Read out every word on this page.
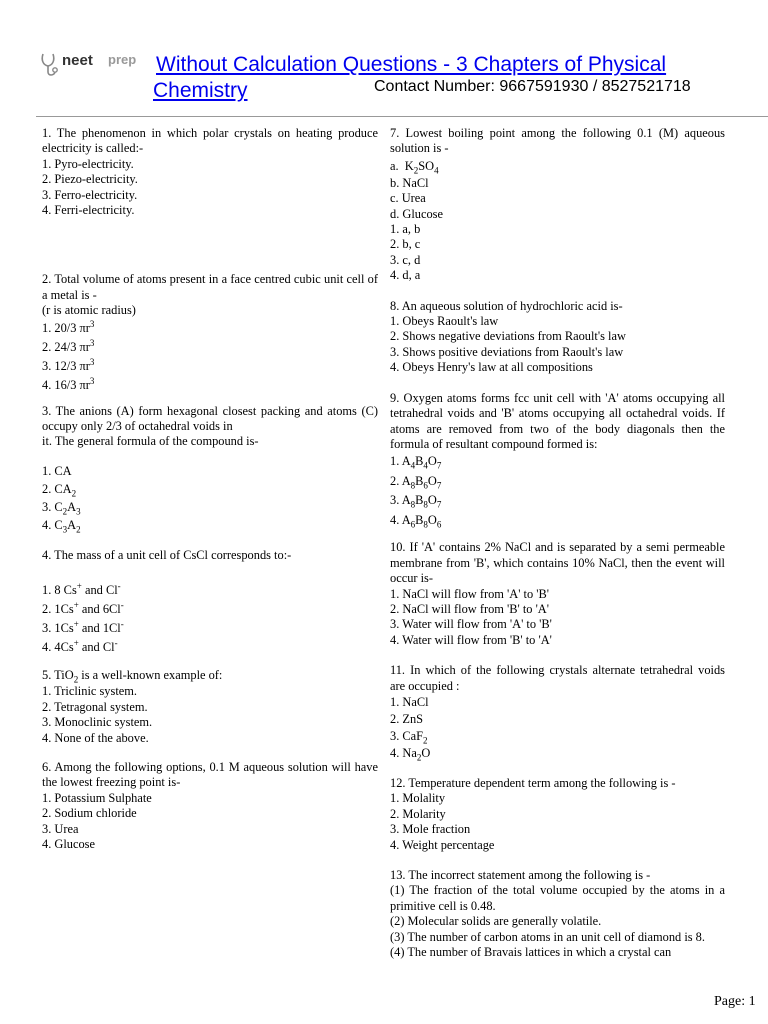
neet prep Without Calculation Questions - 3 Chapters of Physical
Chemistry	Contact Number: 9667591930 / 8527521718
1. The phenomenon in which polar crystals on heating produce electricity is called:-
1. Pyro-electricity.
2. Piezo-electricity.
3. Ferro-electricity.
4. Ferri-electricity.
2. Total volume of atoms present in a face centred cubic unit cell of a metal is -
(r is atomic radius)
1. 20/3 $\pi r^3$
2. 24/3 $\pi r^3$
3. 12/3 $\pi r^3$
4. 16/3 $\pi r^3$
3. The anions (A) form hexagonal closest packing and atoms (C) occupy only 2/3 of octahedral voids in
it. The general formula of the compound is-
1. CA
2. $CA_2$
3. $C_2A_3$
4. $C_3A_2$
4. The mass of a unit cell of CsCl corresponds to:-
1. 8 Cs+ and Cl-
2. 1Cs+ and 6Cl-
3. 1Cs+ and 1Cl-
4. 4Cs+ and Cl-
5. TiO$_2$ is a well-known example of:
1. Triclinic system.
2. Tetragonal system.
3. Monoclinic system.
4. None of the above.
6. Among the following options, 0.1 M aqueous solution will have the lowest freezing point is-
1. Potassium Sulphate
2. Sodium chloride
3. Urea
4. Glucose
7. Lowest boiling point among the following 0.1 (M) aqueous solution is -
a.  $K_2SO_4$
b. NaCl
c. Urea
d. Glucose
1. a, b
2. b, c
3. c, d
4. d, a
8. An aqueous solution of hydrochloric acid is-
1. Obeys Raoult's law
2. Shows negative deviations from Raoult's law
3. Shows positive deviations from Raoult's law
4. Obeys Henry's law at all compositions
9. Oxygen atoms forms fcc unit cell with 'A' atoms occupying all tetrahedral voids and 'B' atoms occupying all octahedral voids. If atoms are removed from two of the body diagonals then the formula of resultant compound formed is:
1. $A_4B_4O_7$
2. $A_8B_6O_7$
3. $A_8B_8O_7$
4. $A_6B_8O_6$
10. If 'A' contains 2% NaCl and is separated by a semi permeable membrane from 'B', which contains 10% NaCl, then the event will occur is-
1. NaCl will flow from 'A' to 'B'
2. NaCl will flow from 'B' to 'A'
3. Water will flow from 'A' to 'B'
4. Water will flow from 'B' to 'A'
11. In which of the following crystals alternate tetrahedral voids are occupied :
1. NaCl
2. ZnS
3. CaF$_2$
4. $Na_2O$
12. Temperature dependent term among the following is -
1. Molality
2. Molarity
3. Mole fraction
4. Weight percentage
13. The incorrect statement among the following is -
(1) The fraction of the total volume occupied by the atoms in a primitive cell is 0.48.
(2) Molecular solids are generally volatile.
(3) The number of carbon atoms in an unit cell of diamond is 8.
(4) The number of Bravais lattices in which a crystal can
Page: 1
